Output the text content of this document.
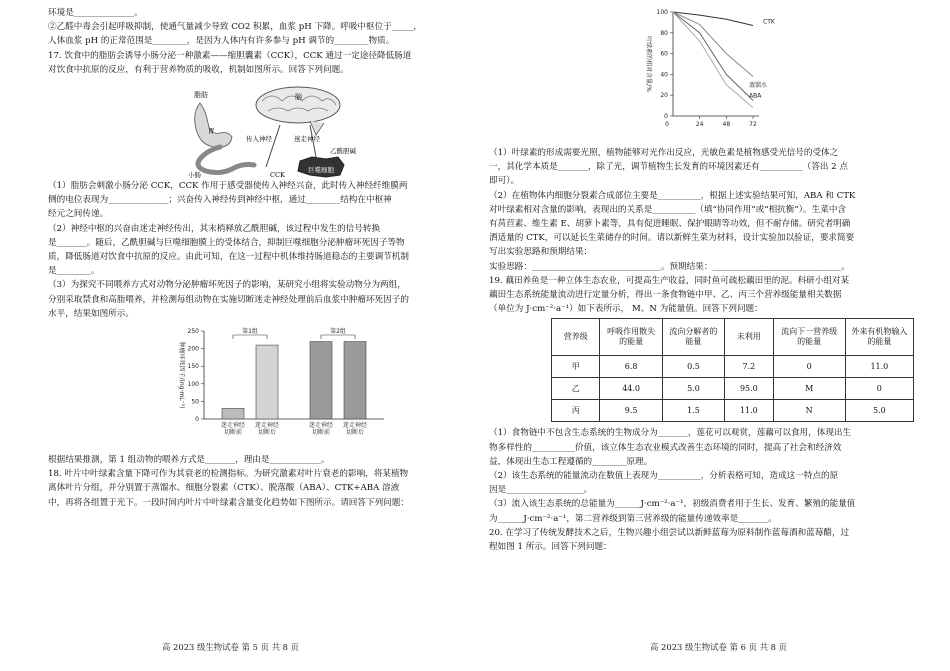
环境是______________。

②乙醛中毒会引起呼吸抑制，使通气量减少导致 CO2 积累，血浆 pH 下降。呼吸中枢位于_____，

人体血浆 pH 的正常范围是________，是因为人体内有许多参与 pH 调节的________物质。

17. 饮食中的脂肪会诱导小肠分泌一种激素——缩胆囊素（CCK），CCK 通过一定途径降低肠道

对饮食中抗原的反应，有利于营养物质的吸收，机制如图所示。回答下列问题。

脑
脂肪
胃
小肠
传入神经
CCK
迷走神经
乙酰胆碱
巨噬细胞

（1）脂肪会刺激小肠分泌 CCK，CCK 作用于感受器使传入神经兴奋，此时传入神经纤维膜两

侧的电位表现为______________；兴奋传入神经传到神经中枢，通过________结构在中枢神

经元之间传递。

（2）神经中枢的兴奋由迷走神经传出，其末梢释放乙酰胆碱，该过程中发生的信号转换

是_______。随后，乙酰胆碱与巨噬细胞膜上的受体结合，抑制巨噬细胞分泌肿瘤坏死因子等物

质，降低肠道对饮食中抗原的反应。由此可知，在这一过程中机体维持肠道稳态的主要调节机制

是________。

（3）为探究不同喂养方式对动物分泌肿瘤坏死因子的影响，某研究小组将实验动物分为两组，

分别采取禁食和高脂喂养，并检测每组动物在实施切断迷走神经处理前后血浆中肿瘤坏死因子的

水平，结果如图所示。

0
50
100
150
200
250
肿瘤坏死因子/(ng·mL⁻¹)
迷走神经
切断前
迷走神经
切断后
迷走神经
切断前
迷走神经
切断后
第1组	第2组

根据结果推测，第 1 组动物的喂养方式是_______，理由是____________。

18. 叶片中叶绿素含量下降可作为其衰老的检测指标。为研究激素对叶片衰老的影响，将某植物

离体叶片分组，并分别置于蒸馏水、细胞分裂素（CTK）、脱落酸（ABA）、CTK+ABA 溶液

中，再将各组置于光下。一段时间内叶片中叶绿素含量变化趋势如下图所示。请回答下列问题：

高 2023 级生物试卷 第 5 页 共 8 页
0
20
40
60
80
100
24	48	72
0
叶绿素的相对含量/%
CTK
蒸馏水
ABA

（1）叶绿素的形成需要光照，植物能够对光作出反应，光敏色素是植物感受光信号的受体之

一，其化学本质是_______，除了光，调节植物生长发育的环境因素还有__________（答出 2 点

即可）。

（2）在植物体内细胞分裂素合成部位主要是__________，根据上述实验结果可知，ABA 和 CTK

对叶绿素相对含量的影响，表现出的关系是__________（填“协同作用”或“相抗衡”）。生菜中含

有莴苣素、维生素 E、胡萝卜素等，具有促进睡眠、保护眼睛等功效，但不耐存储。研究者明确

洒适量的 CTK，可以延长生菜储存的时间。请以新鲜生菜为材料，设计实验加以验证，要求简要

写出实验思路和预期结果：

实验思路：______________________________。预期结果：______________________________。

19. 藕田养鱼是一种立体生态农业，可提高生产收益，同时鱼可疏松藕田里的泥。科研小组对某

藕田生态系统能量流动进行定量分析，得出一条食物链中甲、乙、丙三个营养级能量相关数据

（单位为 J·cm⁻²·a⁻¹）如下表所示， M、N 为能量值。回答下列问题：

营养级	呼吸作用散失的能量	流向分解者的能量	未利用	流向下一营养级的能量	外来有机物输入的能量
甲	6.8	0.5	7.2	0	11.0
乙	44.0	5.0	95.0	M	0
丙	9.5	1.5	11.0	N	5.0

（1）食物链中不包含生态系统的生物成分为_______，莲花可以观赏，莲藕可以食用，体现出生

物多样性的__________价值，该立体生态农业模式改善生态环境的同时，提高了社会和经济效

益，体现出生态工程遵循的________原理。

（2）该生态系统的能量流动在数值上表现为__________，分析表格可知，造成这一特点的原

因是__________________。

（3）流入该生态系统的总能量为______J·cm⁻²·a⁻¹，初级消费者用于生长、发育、繁殖的能量值

为______J·cm⁻²·a⁻¹，第二营养级到第三营养级的能量传递效率是_______。

20. 在学习了传统发酵技术之后，生物兴趣小组尝试以新鲜蓝莓为原料制作蓝莓酒和蓝莓醋，过

程如图 1 所示。回答下列问题：

高 2023 级生物试卷 第 6 页 共 8 页
